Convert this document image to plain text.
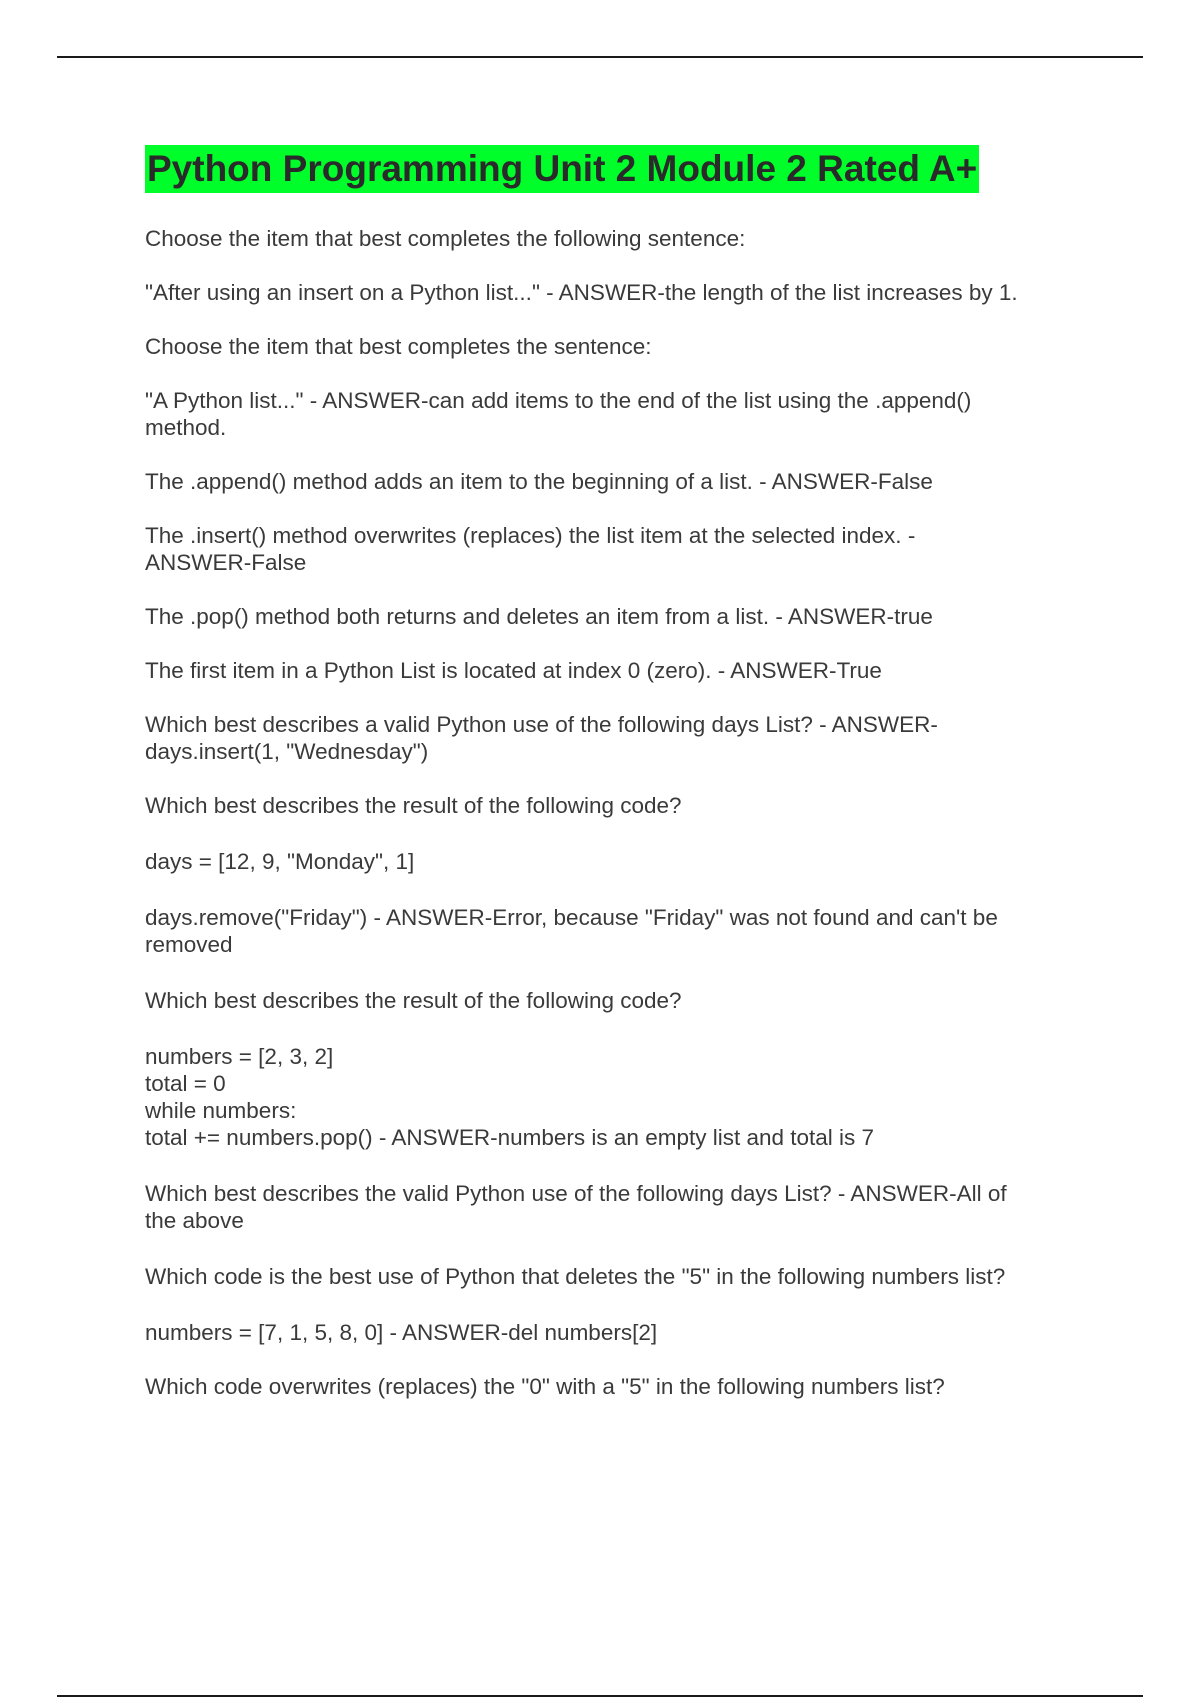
Python Programming Unit 2 Module 2 Rated A+

Choose the item that best completes the following sentence:

"After using an insert on a Python list..." - ANSWER-the length of the list increases by 1.

Choose the item that best completes the sentence:

"A Python list..." - ANSWER-can add items to the end of the list using the .append()
method.

The .append() method adds an item to the beginning of a list. - ANSWER-False

The .insert() method overwrites (replaces) the list item at the selected index. -
ANSWER-False

The .pop() method both returns and deletes an item from a list. - ANSWER-true

The first item in a Python List is located at index 0 (zero). - ANSWER-True

Which best describes a valid Python use of the following days List? - ANSWER-
days.insert(1, "Wednesday")

Which best describes the result of the following code?

days = [12, 9, "Monday", 1]

days.remove("Friday") - ANSWER-Error, because "Friday" was not found and can't be
removed

Which best describes the result of the following code?

numbers = [2, 3, 2]
total = 0
while numbers:
total += numbers.pop() - ANSWER-numbers is an empty list and total is 7

Which best describes the valid Python use of the following days List? - ANSWER-All of
the above

Which code is the best use of Python that deletes the "5" in the following numbers list?

numbers = [7, 1, 5, 8, 0] - ANSWER-del numbers[2]

Which code overwrites (replaces) the "0" with a "5" in the following numbers list?
